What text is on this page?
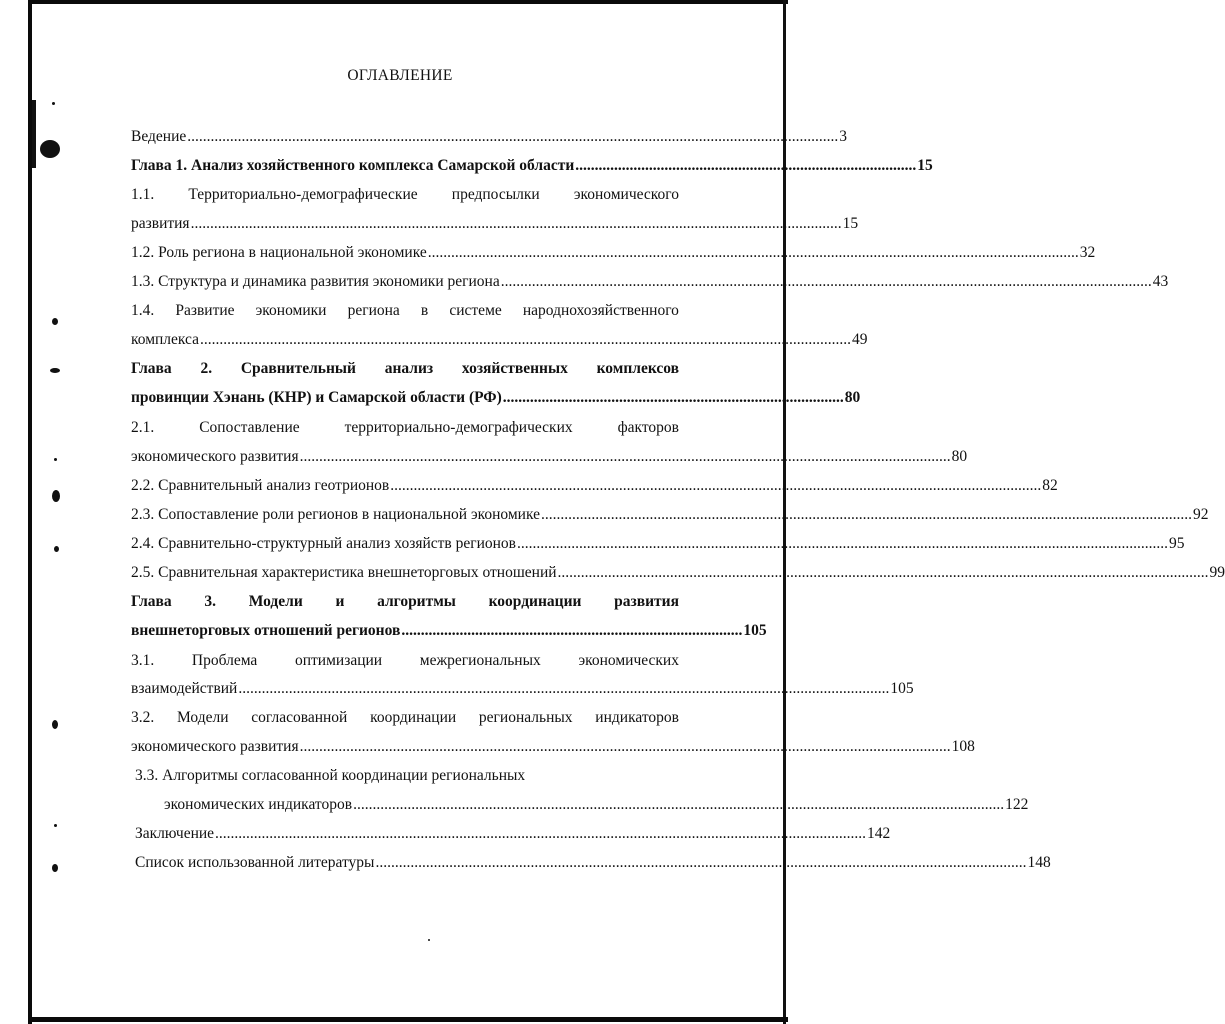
ОГЛАВЛЕНИЕ
Ведение ........................................................................................................................................................................ 3
Глава 1. Анализ хозяйственного комплекса Самарской области ........................................................................................ 15
1.1. Территориально-демографические предпосылки экономического
развития ........................................................................................................................................................................ 15
1.2. Роль региона в национальной экономике ........................................................................................................................................................................ 32
1.3. Структура и динамика развития экономики региона ........................................................................................................................................................................ 43
1.4. Развитие экономики региона в системе народнохозяйственного
комплекса ........................................................................................................................................................................ 49
Глава 2. Сравнительный анализ хозяйственных комплексов
провинции Хэнань (КНР) и Самарской области (РФ) ........................................................................................ 80
2.1.	Сопоставление	территориально-демографических	факторов
экономического развития ........................................................................................................................................................................ 80
2.2. Сравнительный анализ геотрионов ........................................................................................................................................................................ 82
2.3. Сопоставление роли регионов в национальной экономике ........................................................................................................................................................................ 92
2.4. Сравнительно-структурный анализ хозяйств регионов ........................................................................................................................................................................ 95
2.5. Сравнительная характеристика внешнеторговых отношений ........................................................................................................................................................................ 99
Глава 3. Модели и алгоритмы координации развития
внешнеторговых отношений регионов ........................................................................................ 105
3.1. Проблема оптимизации межрегиональных экономических
взаимодействий ........................................................................................................................................................................ 105
3.2. Модели согласованной координации региональных индикаторов
экономического развития ........................................................................................................................................................................ 108
3.3. Алгоритмы согласованной координации региональных
экономических индикаторов ........................................................................................................................................................................ 122
Заключение ........................................................................................................................................................................ 142
Список использованной литературы ........................................................................................................................................................................ 148
